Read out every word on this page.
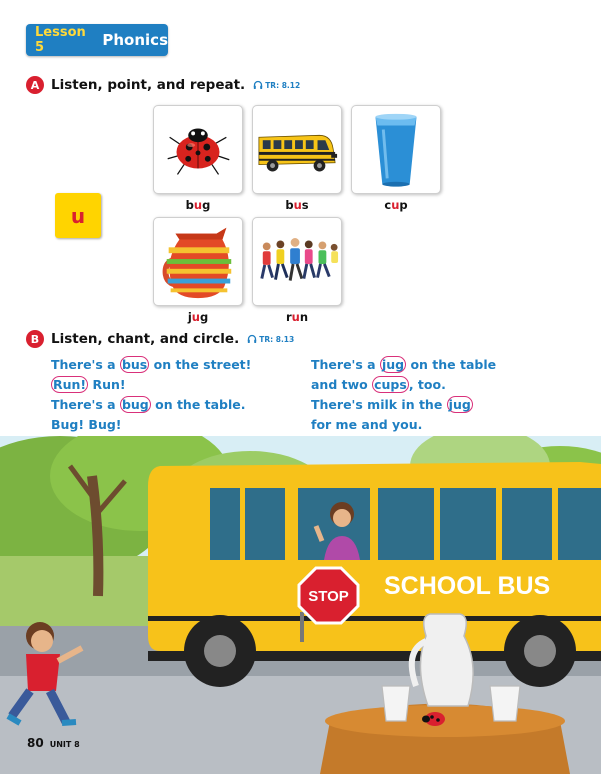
Lesson 5	Phonics
A Listen, point, and repeat.	TR: 8.12
u	bug	bus	cup
jug	run
B Listen, chant, and circle.	TR: 8.13
There's a bus on the street!
Run! Run!
There's a bug on the table.
Bug! Bug!
There's a jug on the table
and two cups , too.
There's milk in the jug
for me and you.
STOP SCHOOL BUS
80 UNIT 8
